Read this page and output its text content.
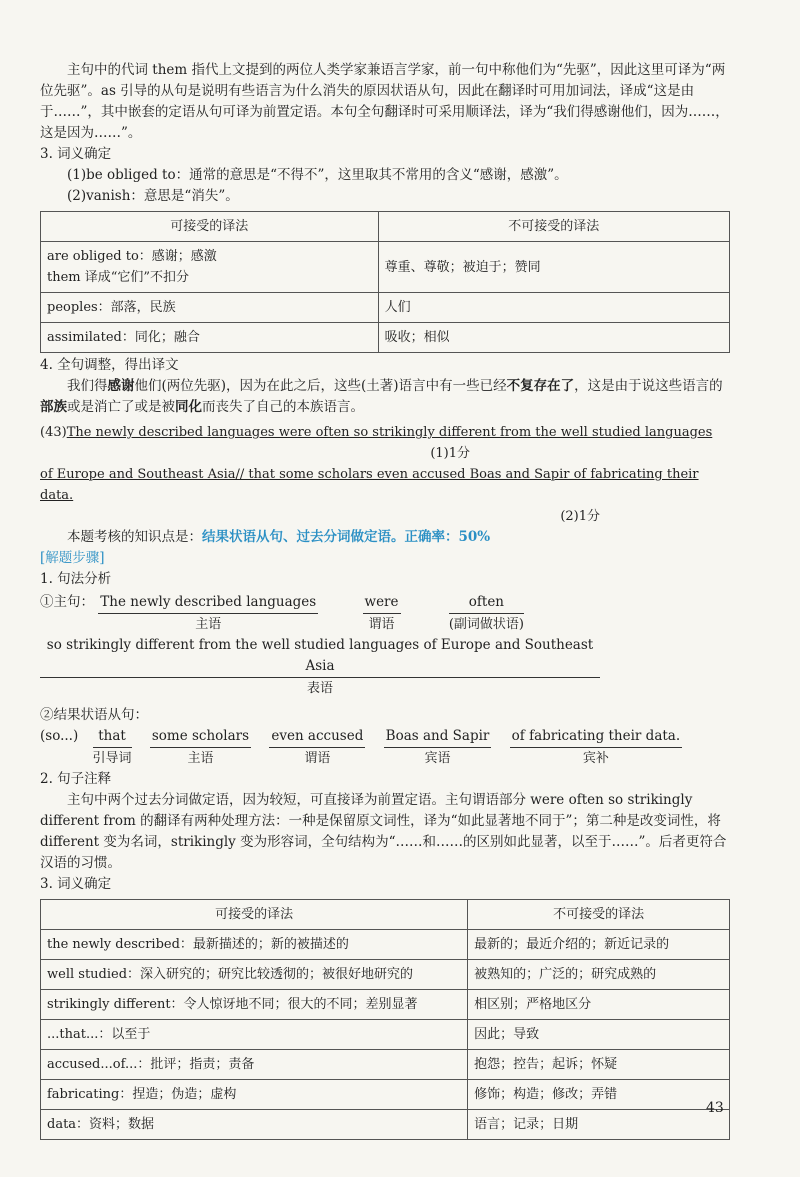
主句中的代词 them 指代上文提到的两位人类学家兼语言学家，前一句中称他们为“先驱”，因此这里可译为“两位先驱”。as 引导的从句是说明有些语言为什么消失的原因状语从句，因此在翻译时可用加词法，译成“这是由于……”，其中嵌套的定语从句可译为前置定语。本句全句翻译时可采用顺译法，译为“我们得感谢他们，因为……，这是因为……”。

3. 词义确定

(1)be obliged to：通常的意思是“不得不”，这里取其不常用的含义“感谢，感激”。

(2)vanish：意思是“消失”。

可接受的译法	不可接受的译法
are obliged to：感谢；感激
them 译成“它们”不扣分	尊重、尊敬；被迫于；赞同
peoples：部落，民族	人们
assimilated：同化；融合	吸收；相似

4. 全句调整，得出译文

我们得感谢他们(两位先驱)，因为在此之后，这些(土著)语言中有一些已经不复存在了，这是由于说这些语言的部族或是消亡了或是被同化而丧失了自己的本族语言。

(43)The newly described languages were often so strikingly different from the well studied languages

(1)1分

of Europe and Southeast Asia// that some scholars even accused Boas and Sapir of fabricating their data.

(2)1分

本题考核的知识点是：结果状语从句、过去分词做定语。正确率：50%

[解题步骤]

1. 句法分析

①主句： The newly described languages
主语

were
谓语

often
(副词做状语)
so strikingly different from the well studied languages of Europe and Southeast Asia
表语

②结果状语从句：

(so...)	that
引导词

some scholars
主语

even accused
谓语

Boas and Sapir
宾语

of fabricating their data.
宾补

2. 句子注释

主句中两个过去分词做定语，因为较短，可直接译为前置定语。主句谓语部分 were often so strikingly different from 的翻译有两种处理方法：一种是保留原文词性，译为“如此显著地不同于”；第二种是改变词性，将 different 变为名词，strikingly 变为形容词，全句结构为“……和……的区别如此显著，以至于……”。后者更符合汉语的习惯。

3. 词义确定

可接受的译法	不可接受的译法
the newly described：最新描述的；新的被描述的	最新的；最近介绍的；新近记录的
well studied：深入研究的；研究比较透彻的；被很好地研究的	被熟知的；广泛的；研究成熟的
strikingly different：令人惊讶地不同；很大的不同；差别显著	相区别；严格地区分
...that...：以至于	因此；导致
accused...of...：批评；指责；责备	抱怨；控告；起诉；怀疑
fabricating：捏造；伪造；虚构	修饰；构造；修改；弄错
data：资料；数据	语言；记录；日期
43
